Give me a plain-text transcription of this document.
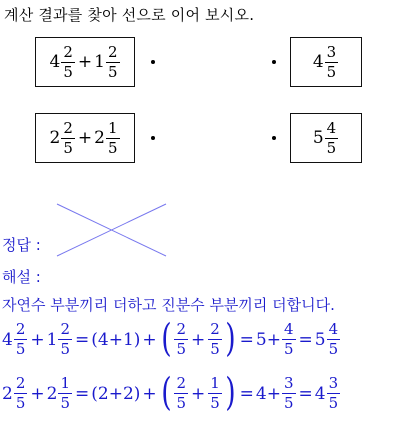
계산 결과를 찾아 선으로 이어 보시오.
$4 \frac{2}{5} + 1 \frac{2}{5}$	$4 \frac{3}{5}$
$2 \frac{2}{5} + 2 \frac{1}{5}$	$5 \frac{4}{5}$
정답 :
해설 :
자연수 부분끼리 더하고 진분수 부분끼리 더합니다.
$4 \frac{2}{5} + 1 \frac{2}{5} = (4+1)$ + ( $\frac{2}{5} + \frac{2}{5}$ ) = $5+ \frac{4}{5} = 5 \frac{4}{5}$
$2 \frac{2}{5} + 2 \frac{1}{5} = (2+2)$ + ( $\frac{2}{5} + \frac{1}{5}$ ) = $4+ \frac{3}{5} = 4 \frac{3}{5}$
